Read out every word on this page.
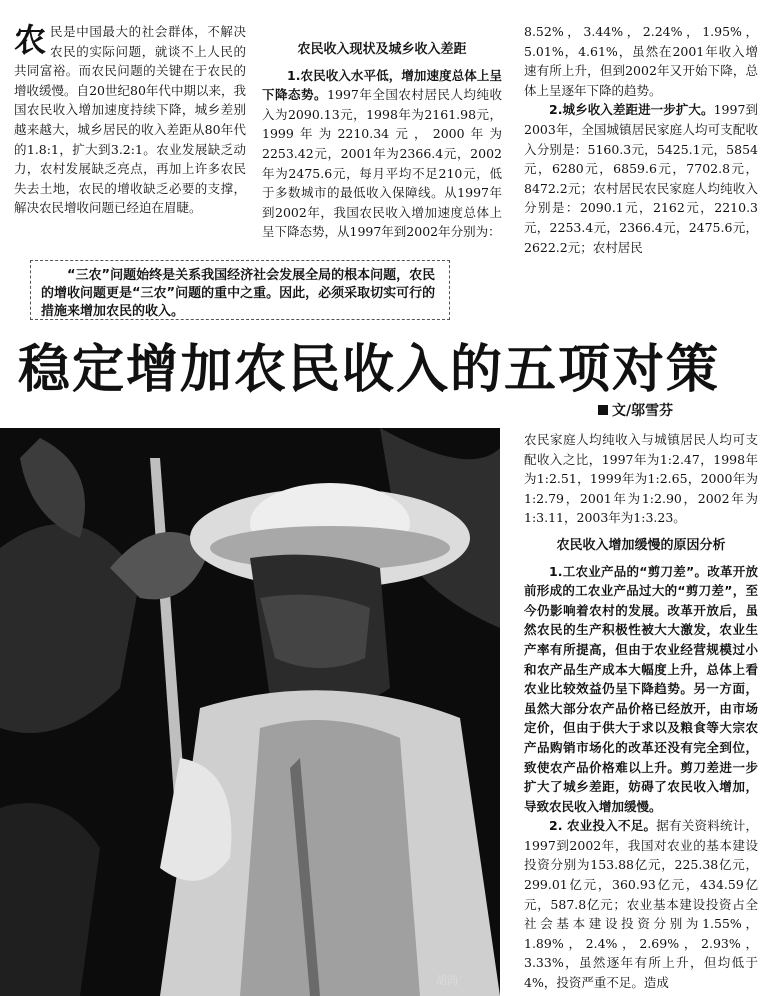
农民是中国最大的社会群体，不解决农民的实际问题，就谈不上人民的共同富裕。而农民问题的关键在于农民的增收缓慢。自20世纪80年代中期以来，我国农民收入增加速度持续下降，城乡差别越来越大，城乡居民的收入差距从80年代的1.8:1，扩大到3.2:1。农业发展缺乏动力，农村发展缺乏亮点，再加上许多农民失去土地，农民的增收缺乏必要的支撑，解决农民增收问题已经迫在眉睫。

农民收入现状及城乡收入差距

1.农民收入水平低，增加速度总体上呈下降态势。1997年全国农村居民人均纯收入为2090.13元，1998年为2161.98元，1999年为2210.34元，2000年为2253.42元，2001年为2366.4元，2002年为2475.6元，每月平均不足210元，低于多数城市的最低收入保障线。从1997年到2002年，我国农民收入增加速度总体上呈下降态势，从1997年到2002年分别为：

8.52%，3.44%，2.24%，1.95%，5.01%，4.61%，虽然在2001年收入增速有所上升，但到2002年又开始下降，总体上呈逐年下降的趋势。

2.城乡收入差距进一步扩大。1997到2003年，全国城镇居民家庭人均可支配收入分别是：5160.3元，5425.1元，5854元，6280元，6859.6元，7702.8元，8472.2元；农村居民农民家庭人均纯收入分别是：2090.1元，2162元，2210.3元，2253.4元，2366.4元，2475.6元，2622.2元；农村居民

“三农”问题始终是关系我国经济社会发展全局的根本问题，农民的增收问题更是“三农”问题的重中之重。因此，必须采取切实可行的措施来增加农民的收入。

稳定增加农民收入的五项对策
文/邬雪芬
胡尚

农民家庭人均纯收入与城镇居民人均可支配收入之比，1997年为1:2.47，1998年为1:2.51，1999年为1:2.65，2000年为1:2.79，2001年为1:2.90，2002年为1:3.11，2003年为1:3.23。

农民收入增加缓慢的原因分析

1.工农业产品的“剪刀差”。改革开放前形成的工农业产品过大的“剪刀差”，至今仍影响着农村的发展。改革开放后，虽然农民的生产积极性被大大激发，农业生产率有所提高，但由于农业经营规模过小和农产品生产成本大幅度上升，总体上看农业比较效益仍呈下降趋势。另一方面，虽然大部分农产品价格已经放开，由市场定价，但由于供大于求以及粮食等大宗农产品购销市场化的改革还没有完全到位，致使农产品价格难以上升。剪刀差进一步扩大了城乡差距，妨碍了农民收入增加，导致农民收入增加缓慢。

2. 农业投入不足。据有关资料统计，1997到2002年，我国对农业的基本建设投资分别为153.88亿元，225.38亿元，299.01亿元，360.93亿元，434.59亿元，587.8亿元；农业基本建设投资占全社会基本建设投资分别为1.55%，1.89%，2.4%，2.69%，2.93%，3.33%，虽然逐年有所上升，但均低于4%，投资严重不足。造成
